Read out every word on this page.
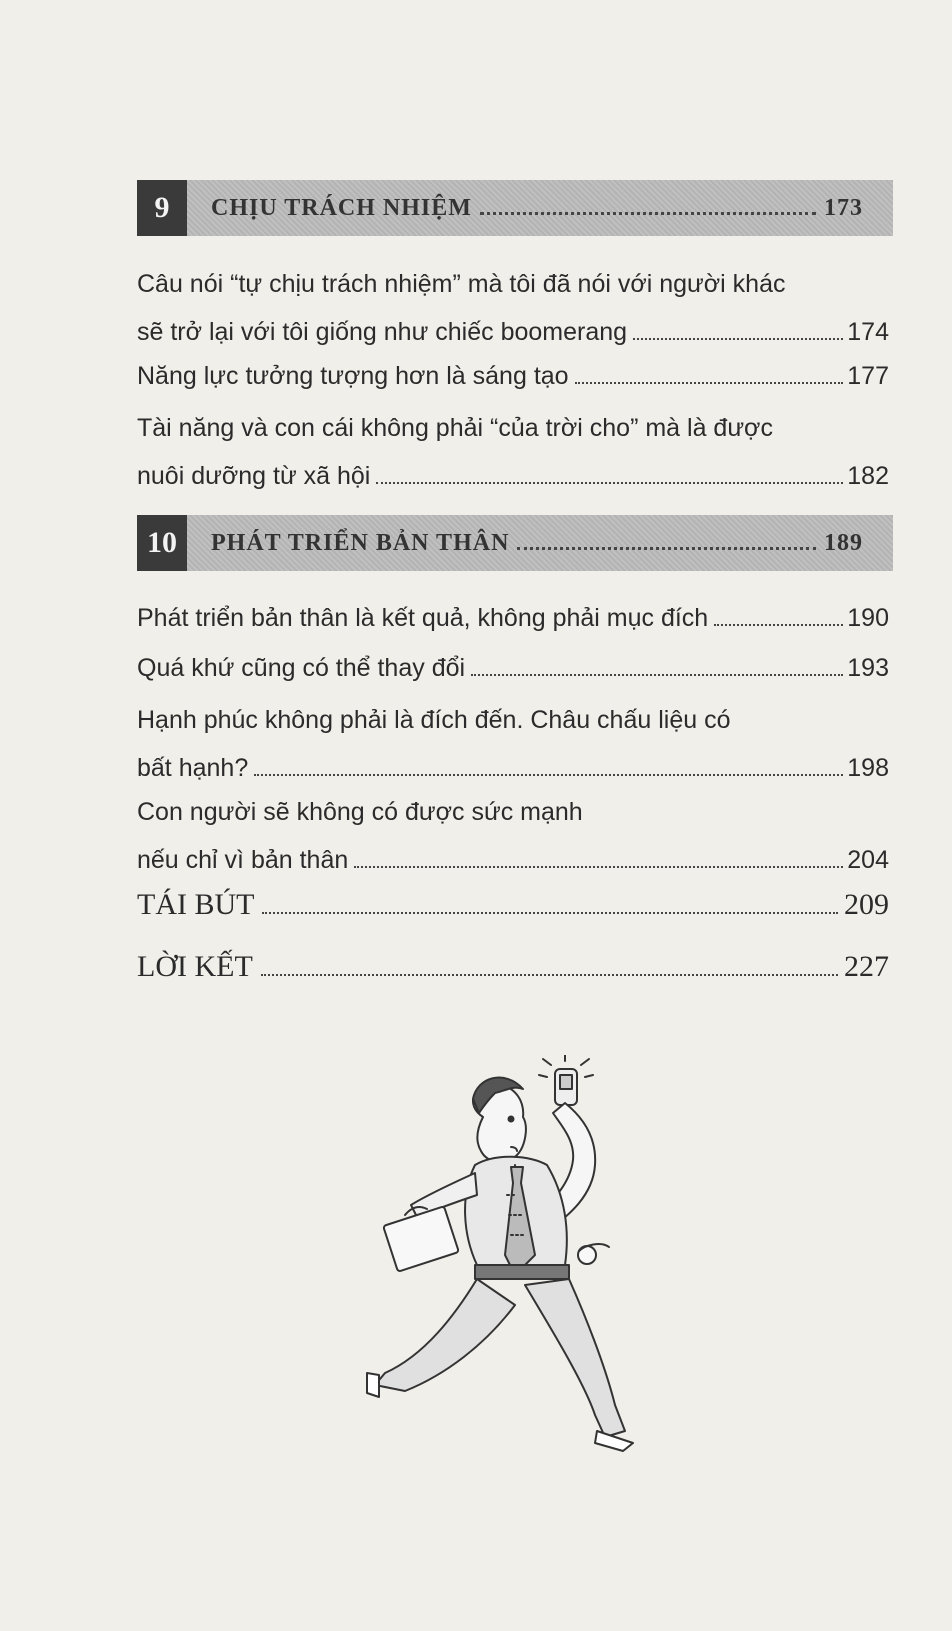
9	CHỊU TRÁCH NHIỆM	173
Câu nói “tự chịu trách nhiệm” mà tôi đã nói với người khác
sẽ trở lại với tôi giống như chiếc boomerang	174
Năng lực tưởng tượng hơn là sáng tạo	177
Tài năng và con cái không phải “của trời cho” mà là được
nuôi dưỡng từ xã hội	182
10	PHÁT TRIỂN BẢN THÂN	189
Phát triển bản thân là kết quả, không phải mục đích	190
Quá khứ cũng có thể thay đổi	193
Hạnh phúc không phải là đích đến. Châu chấu liệu có
bất hạnh?	198
Con người sẽ không có được sức mạnh
nếu chỉ vì bản thân	204
TÁI BÚT	209
LỜI KẾT	227
